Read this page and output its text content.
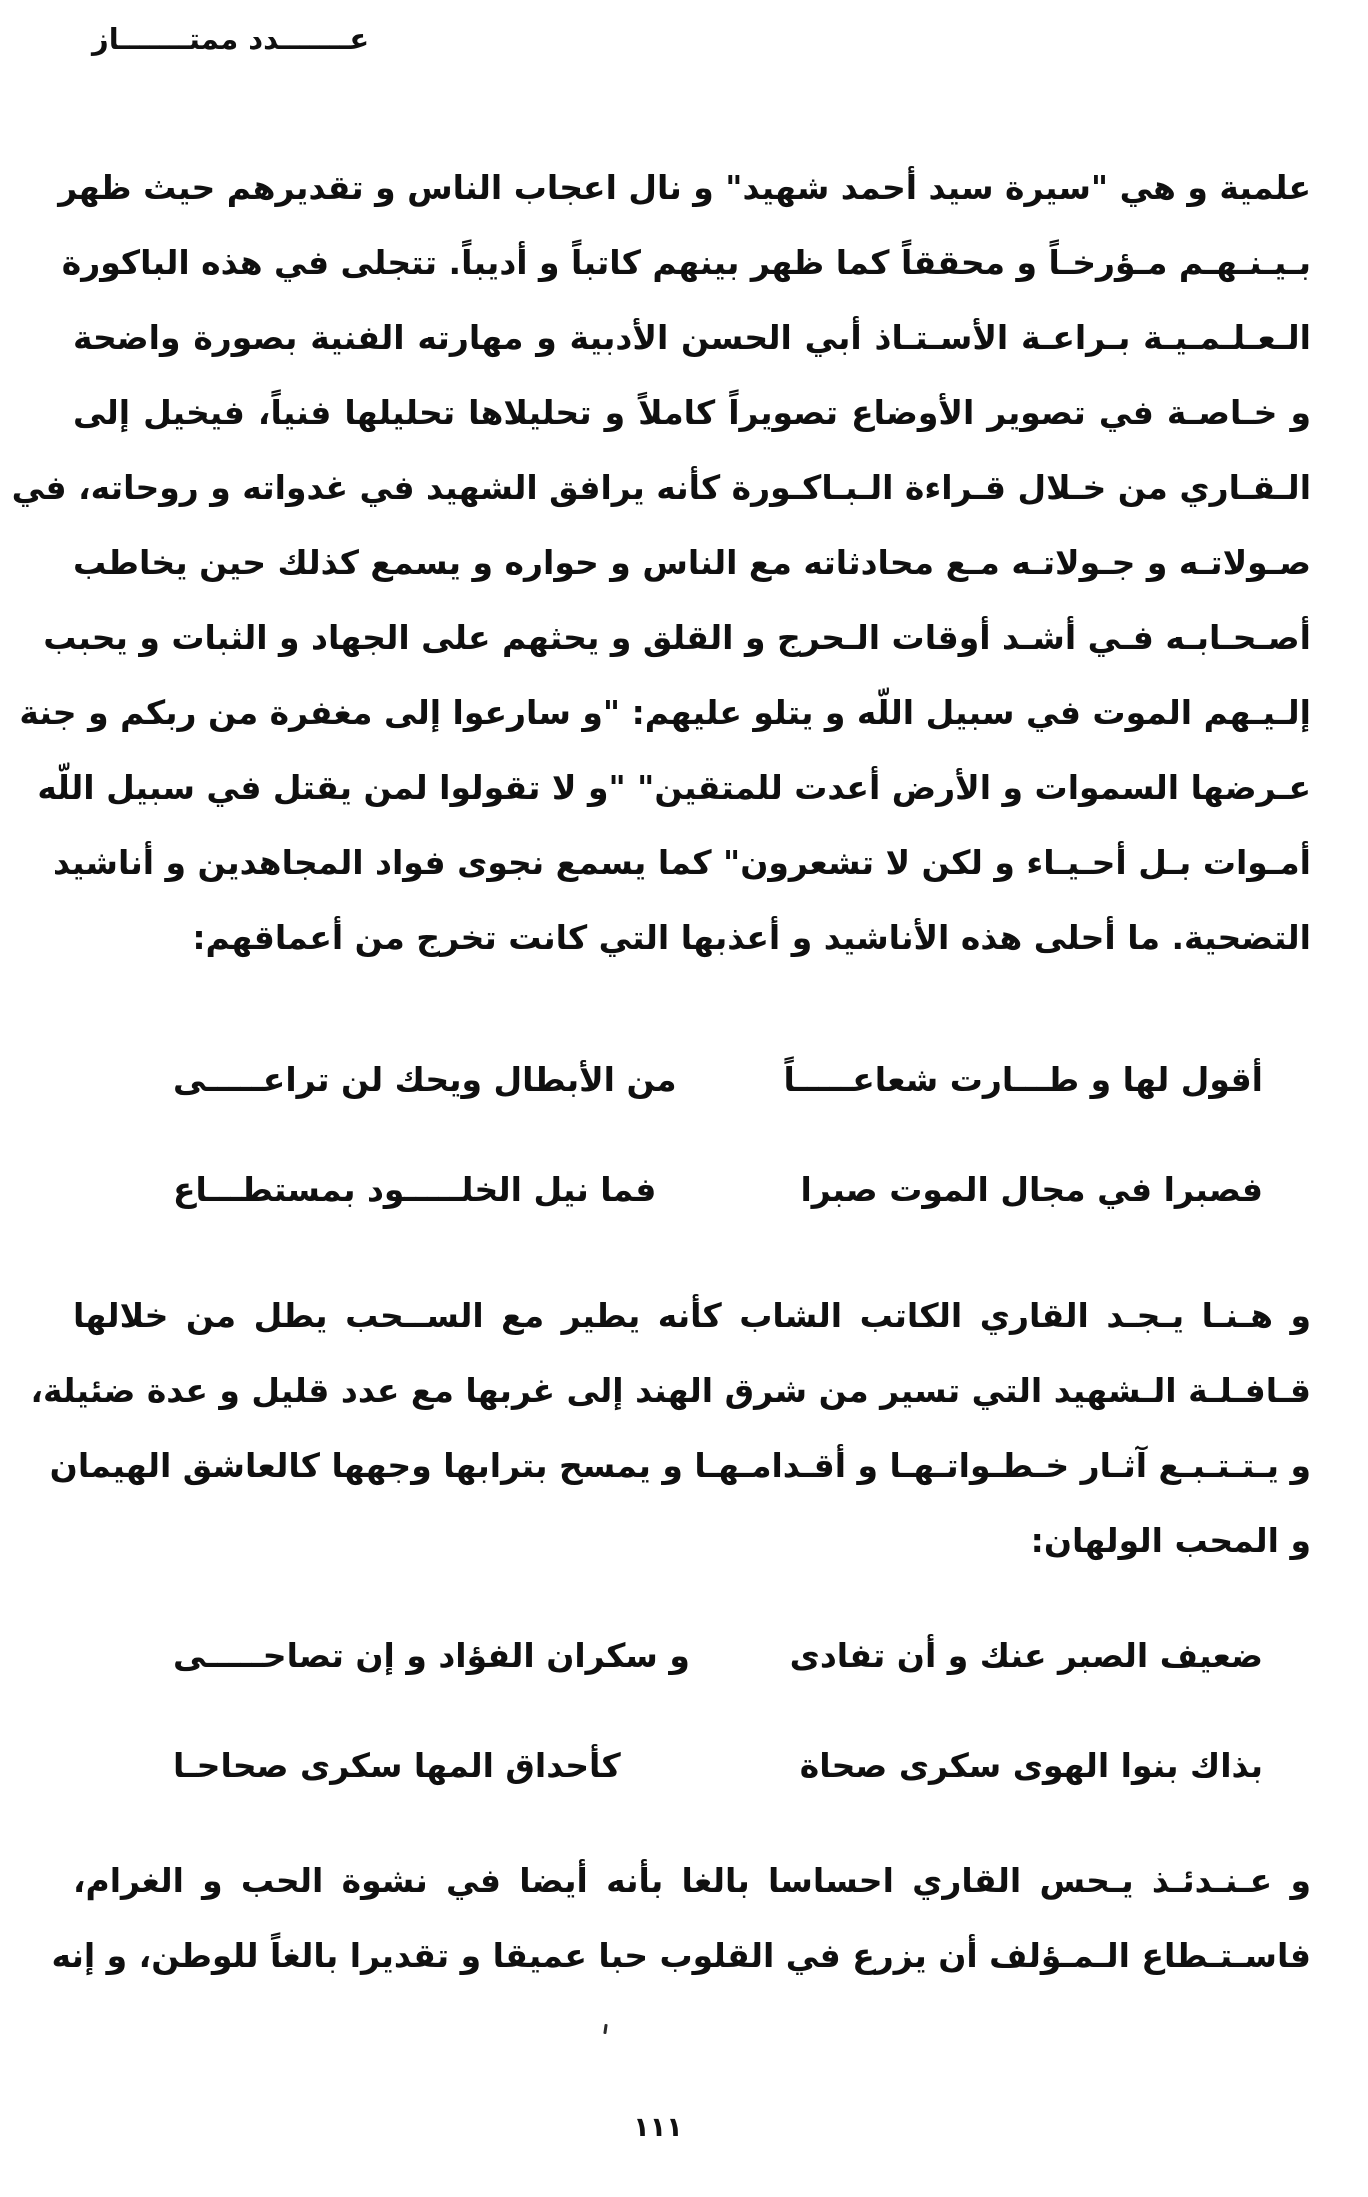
عـــــــدد ممتـــــــاز
علمية و هي "سيرة سيد أحمد شهيد" و نال اعجاب الناس و تقديرهم حيث ظهر
بـيـنـهـم مـؤرخـاً و محققاً كما ظهر بينهم كاتباً و أديباً. تتجلى في هذه الباكورة
الـعـلـمـيـة بـراعـة الأسـتـاذ أبي الحسن الأدبية و مهارته الفنية بصورة واضحة
و خـاصـة في تصوير الأوضاع تصويراً كاملاً و تحليلاها تحليلها فنياً، فيخيل إلى
الـقـاري من خـلال قـراءة الـبـاكـورة كأنه يرافق الشهيد في غدواته و روحاته، في
صـولاتـه و جـولاتـه مـع محادثاته مع الناس و حواره و يسمع كذلك حين يخاطب
أصـحـابـه فـي أشـد أوقات الـحرج و القلق و يحثهم على الجهاد و الثبات و يحبب
إلـيـهم الموت في سبيل اللّه و يتلو عليهم: "و سارعوا إلى مغفرة من ربكم و جنة
عـرضها السموات و الأرض أعدت للمتقين" "و لا تقولوا لمن يقتل في سبيل اللّه
أمـوات بـل أحـيـاء و لكن لا تشعرون" كما يسمع نجوى فواد المجاهدين و أناشيد
التضحية. ما أحلى هذه الأناشيد و أعذبها التي كانت تخرج من أعماقهم:
أقول لها و طـــارت شعاعـــــاً
من الأبطال ويحك لن تراعـــــى
فصبرا في مجال الموت صبرا
فما نيل الخلـــــود بمستطـــاع
و هـنـا يـجـد القاري الكاتب الشاب كأنه يطير مع الســحب يطل من خلالها
قـافـلـة الـشهيد التي تسير من شرق الهند إلى غربها مع عدد قليل و عدة ضئيلة،
و يـتـتـبـع آثـار خـطـواتـهـا و أقـدامـهـا و يمسح بترابها وجهها كالعاشق الهيمان
و المحب الولهان:
ضعيف الصبر عنك و أن تفادى
و سكران الفؤاد و إن تصاحـــــى
بذاك بنوا الهوى سكرى صحاة
كأحداق المها سكرى صحاحـا
و عـنـدئـذ يـحس القاري احساسا بالغا بأنه أيضا في نشوة الحب و الغرام،
فاسـتـطاع الـمـؤلف أن يزرع في القلوب حبا عميقا و تقديرا بالغاً للوطن، و إنه
١١١
